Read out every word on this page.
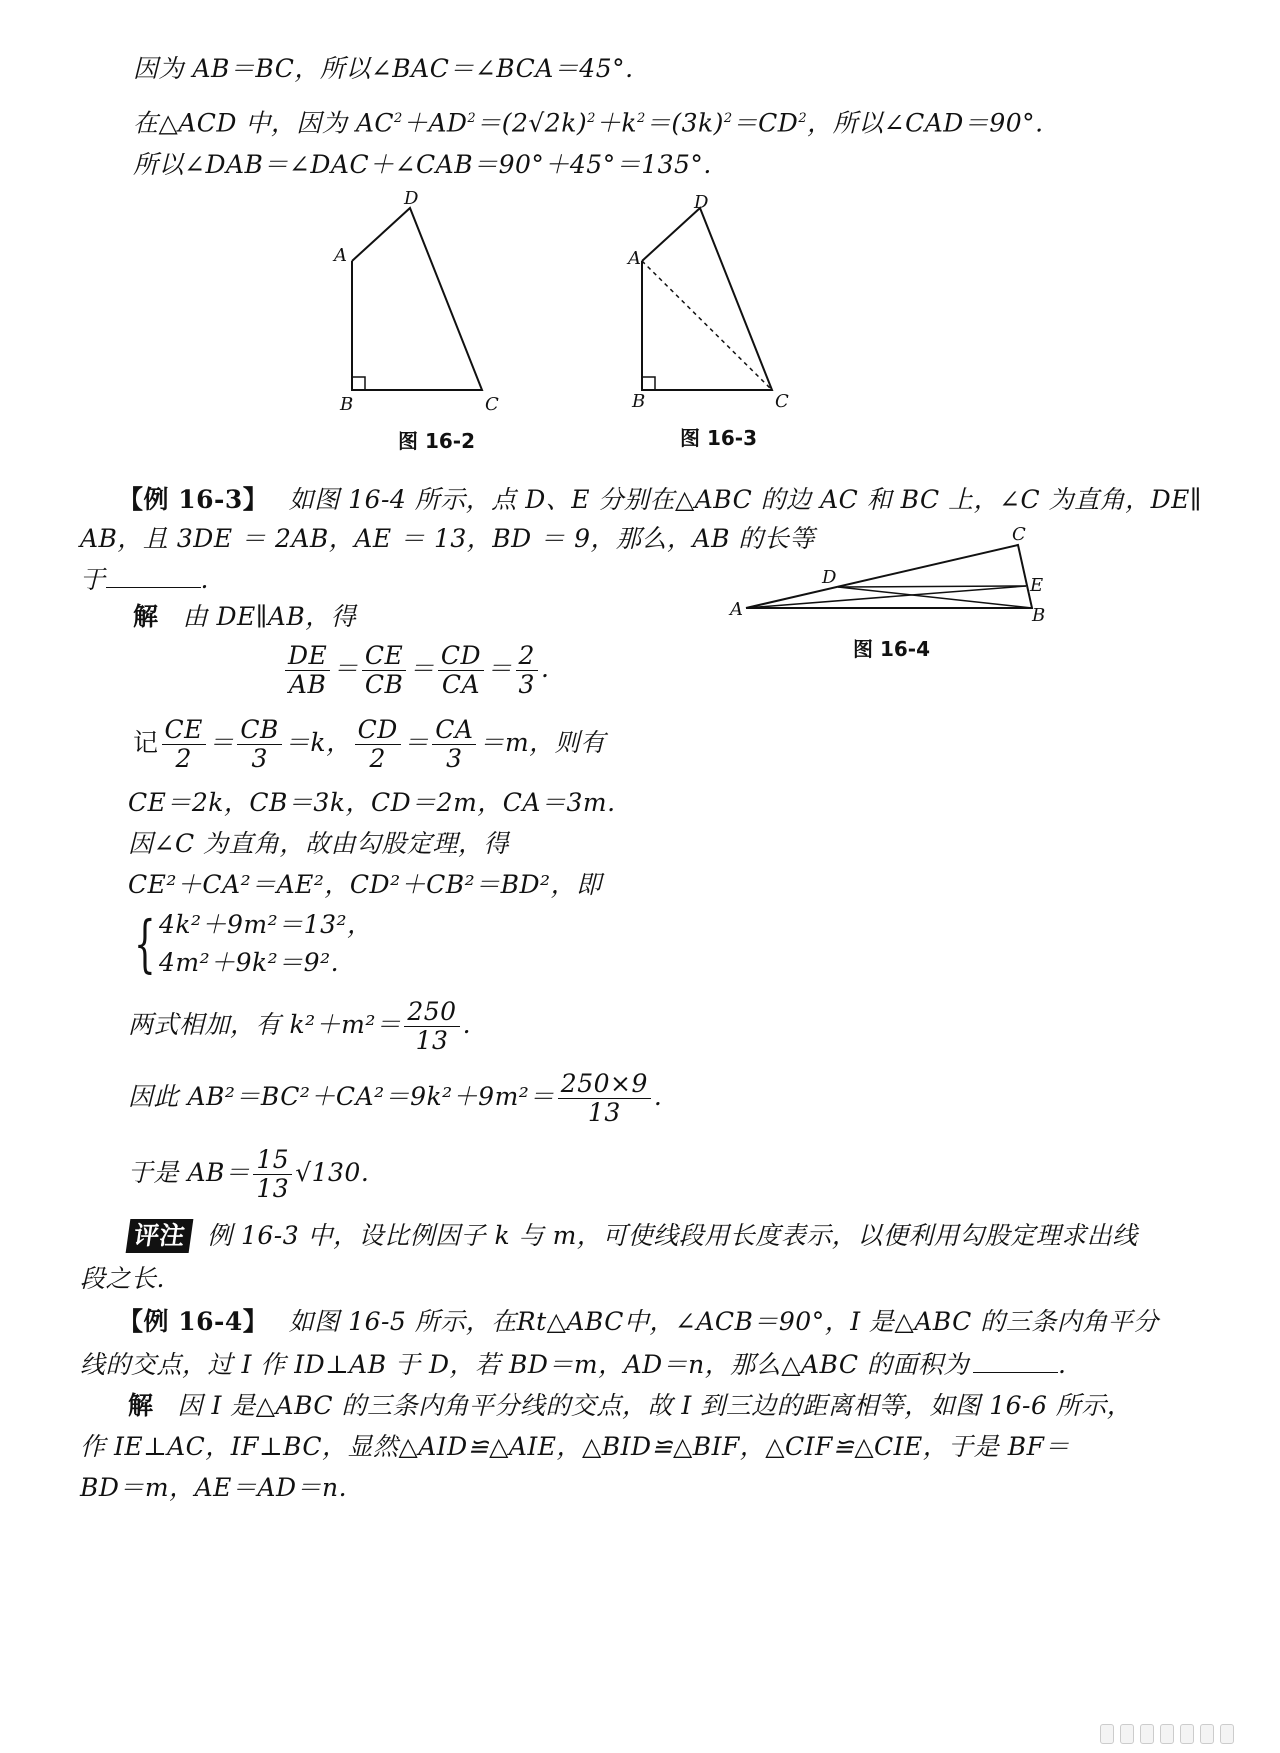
因为 AB＝BC，所以∠BAC＝∠BCA＝45°.
在△ACD 中，因为 $AC^2+AD^2=(2√2k)^2+k^2=(3k)^2=CD^2$，所以∠CAD＝90°.
所以∠DAB＝∠DAC＋∠CAB＝90°＋45°＝135°.
A
B	C
D
图 16-2
A
B	C
D
图 16-3
【例 16-3】 如图 16-4 所示，点 D、E 分别在△ABC 的边 AC 和 BC 上，∠C 为直角，DE∥
AB，且 3DE ＝ 2AB，AE ＝ 13，BD ＝ 9，那么，AB 的长等
于	.
A	B
C
D	E
图 16-4
解 由 DE∥AB，得
$\frac{DE}{AB} = \frac{CE}{CB} = \frac{CD}{CA} = \frac{2}{3}$ .
记 $\frac{CE}{2} = \frac{CB}{3} =k$， $\frac{CD}{2} = \frac{CA}{3} =m$，则有
CE＝2k，CB＝3k，CD＝2m，CA＝3m.
因∠C 为直角，故由勾股定理，得
CE²＋CA²＝AE²，CD²＋CB²＝BD²，即
{ 4k²＋9m²＝13²，
4m²＋9k²＝9².
两式相加，有 $k^2+m^2= \frac{250}{13}$ .
因此 $AB^2=BC^2+CA^2=9k^2+9m^2= \frac{250\times 9}{13}$ .
于是 $AB= \frac{15}{13} √130$.
评注 例 16-3 中，设比例因子 k 与 m，可使线段用长度表示，以便利用勾股定理求出线
段之长.
【例 16-4】 如图 16-5 所示，在Rt△ABC中，∠ACB＝90°，I 是△ABC 的三条内角平分
线的交点，过 I 作 ID⊥AB 于 D，若 BD＝m，AD＝n，那么△ABC 的面积为	.
解 因 I 是△ABC 的三条内角平分线的交点，故 I 到三边的距离相等，如图 16-6 所示，
作 IE⊥AC，IF⊥BC，显然△AID≌△AIE，△BID≌△BIF，△CIF≌△CIE，于是 BF＝
BD＝m，AE＝AD＝n.
